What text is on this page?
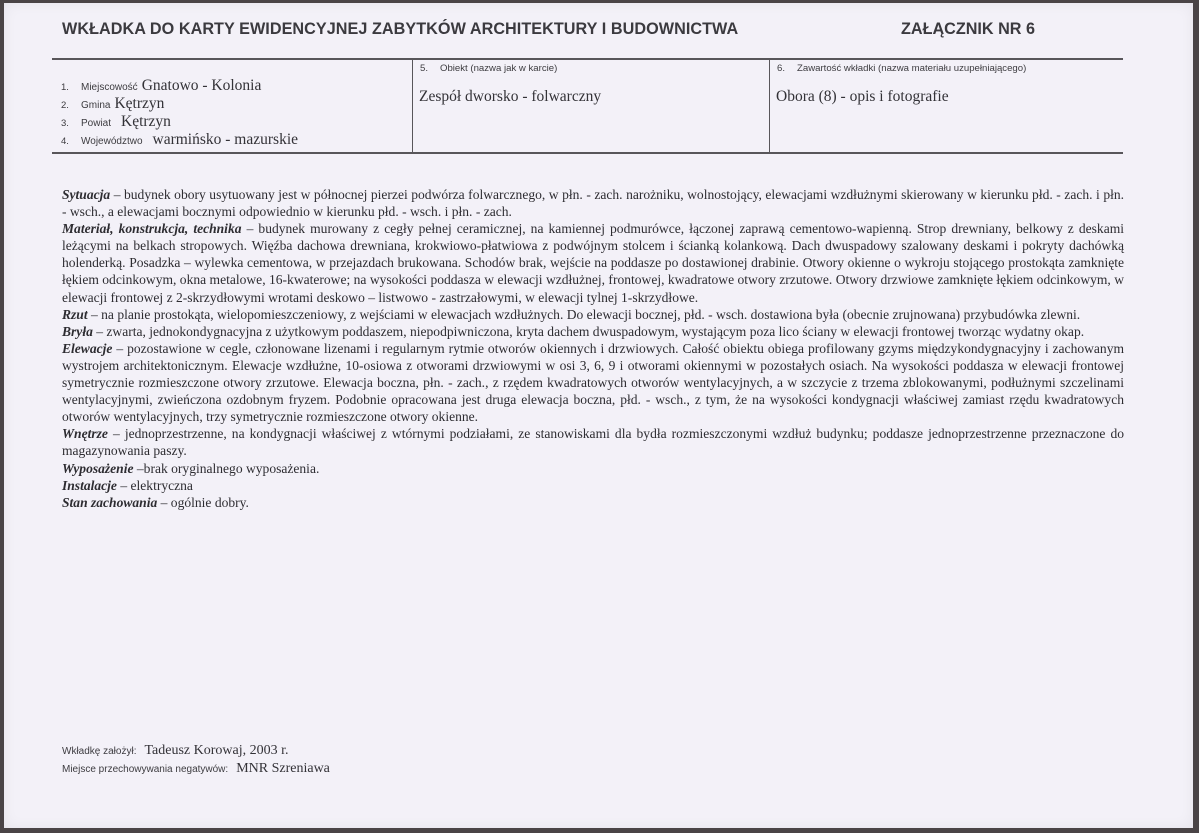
WKŁADKA DO KARTY EWIDENCYJNEJ ZABYTKÓW ARCHITEKTURY I BUDOWNICTWA	ZAŁĄCZNIK NR 6
1. Miejscowość Gnatowo - Kolonia
2. Gmina Kętrzyn
3. Powiat Kętrzyn
4. Województwo warmińsko - mazurskie
5. Obiekt (nazwa jak w karcie)
Zespół dworsko - folwarczny
6. Zawartość wkładki (nazwa materiału uzupełniającego)
Obora (8) - opis i fotografie

Sytuacja – budynek obory usytuowany jest w północnej pierzei podwórza folwarcznego, w płn. - zach. narożniku, wolnostojący, elewacjami wzdłużnymi skierowany w kierunku płd. - zach. i płn. - wsch., a elewacjami bocznymi odpowiednio w kierunku płd. - wsch. i płn. - zach.

Materiał, konstrukcja, technika – budynek murowany z cegły pełnej ceramicznej, na kamiennej podmurówce, łączonej zaprawą cementowo-wapienną. Strop drewniany, belkowy z deskami leżącymi na belkach stropowych. Więźba dachowa drewniana, krokwiowo-płatwiowa z podwójnym stolcem i ścianką kolankową. Dach dwuspadowy szalowany deskami i pokryty dachówką holenderką. Posadzka – wylewka cementowa, w przejazdach brukowana. Schodów brak, wejście na poddasze po dostawionej drabinie. Otwory okienne o wykroju stojącego prostokąta zamknięte łękiem odcinkowym, okna metalowe, 16-kwaterowe; na wysokości poddasza w elewacji wzdłużnej, frontowej, kwadratowe otwory zrzutowe. Otwory drzwiowe zamknięte łękiem odcinkowym, w elewacji frontowej z 2-skrzydłowymi wrotami deskowo – listwowo - zastrzałowymi, w elewacji tylnej 1-skrzydłowe.

Rzut – na planie prostokąta, wielopomieszczeniowy, z wejściami w elewacjach wzdłużnych. Do elewacji bocznej, płd. - wsch. dostawiona była (obecnie zrujnowana) przybudówka zlewni.

Bryła – zwarta, jednokondygnacyjna z użytkowym poddaszem, niepodpiwniczona, kryta dachem dwuspadowym, wystającym poza lico ściany w elewacji frontowej tworząc wydatny okap.

Elewacje – pozostawione w cegle, członowane lizenami i regularnym rytmie otworów okiennych i drzwiowych. Całość obiektu obiega profilowany gzyms międzykondygnacyjny i zachowanym wystrojem architektonicznym. Elewacje wzdłużne, 10-osiowa z otworami drzwiowymi w osi 3, 6, 9 i otworami okiennymi w pozostałych osiach. Na wysokości poddasza w elewacji frontowej symetrycznie rozmieszczone otwory zrzutowe. Elewacja boczna, płn. - zach., z rzędem kwadratowych otworów wentylacyjnych, a w szczycie z trzema zblokowanymi, podłużnymi szczelinami wentylacyjnymi, zwieńczona ozdobnym fryzem. Podobnie opracowana jest druga elewacja boczna, płd. - wsch., z tym, że na wysokości kondygnacji właściwej zamiast rzędu kwadratowych otworów wentylacyjnych, trzy symetrycznie rozmieszczone otwory okienne.

Wnętrze – jednoprzestrzenne, na kondygnacji właściwej z wtórnymi podziałami, ze stanowiskami dla bydła rozmieszczonymi wzdłuż budynku; poddasze jednoprzestrzenne przeznaczone do magazynowania paszy.

Wyposażenie –brak oryginalnego wyposażenia.

Instalacje – elektryczna

Stan zachowania – ogólnie dobry.

Wkładkę założył: Tadeusz Korowaj, 2003 r.
Miejsce przechowywania negatywów: MNR Szreniawa
